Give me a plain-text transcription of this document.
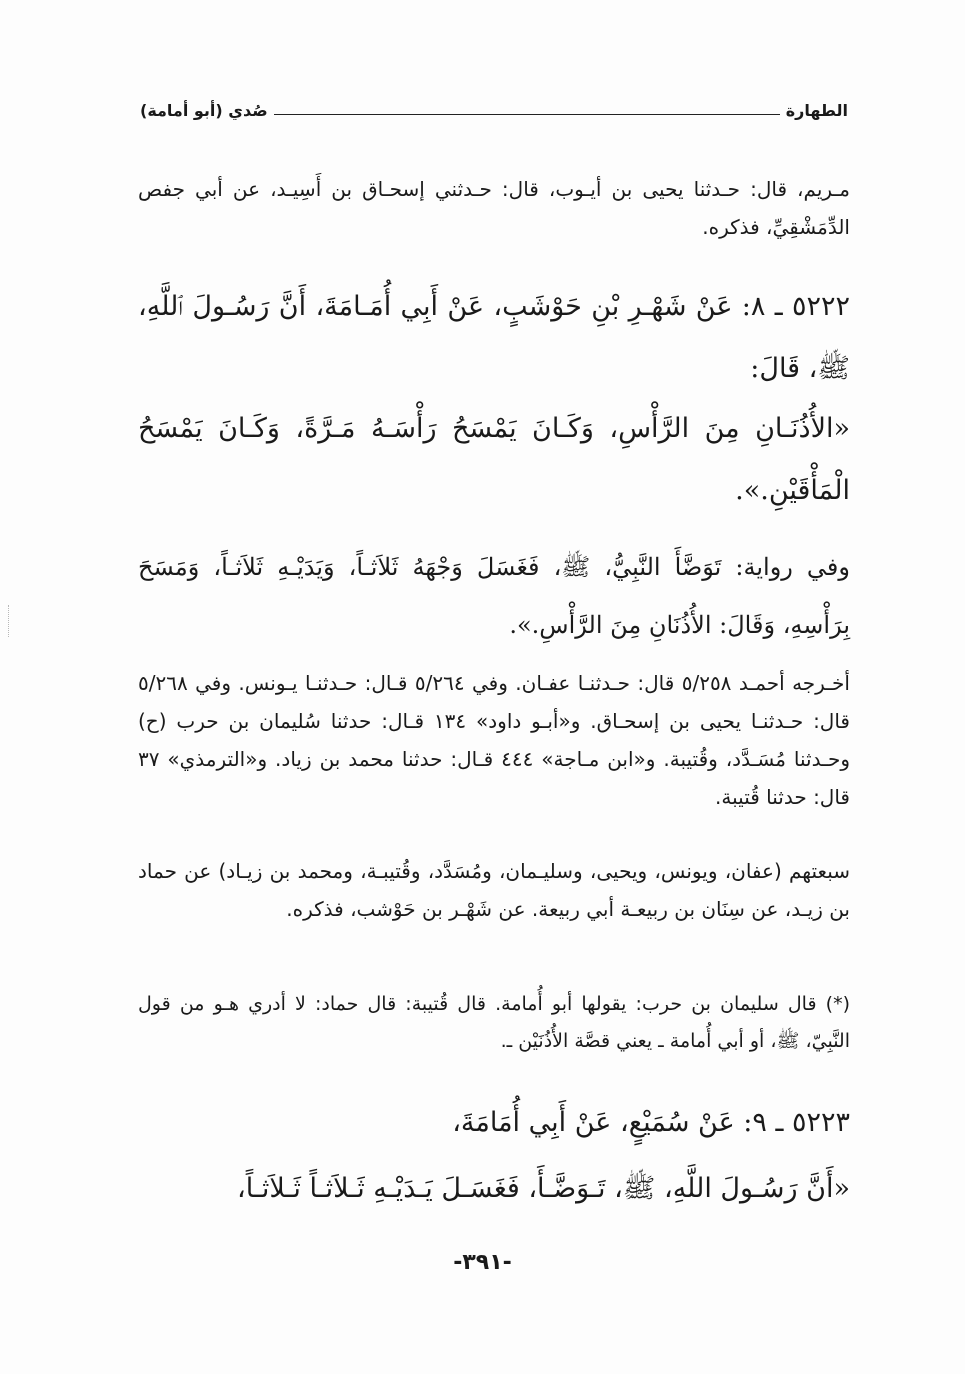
الطهارة
صُدي (أبو أمامة)
مـريم، قال: حـدثنا يحيى بن أيـوب، قال: حـدثني إسحـاق بن أَسِيـد، عن أبي جفص الدِّمَشْقِيِّ، فذكره.
٥٢٢٢ ـ ٨: عَنْ شَهْـرِ بْنِ حَوْشَبٍ، عَنْ أَبِي أُمَـامَةَ، أَنَّ رَسُـولَ ٱللَّهِ، ﷺ، قَالَ:
«الأُذُنَـانِ مِنَ الرَّأْسِ، وَكَـانَ يَمْسَحُ رَأْسَـهُ مَـرَّةً، وَكَـانَ يَمْسَحُ الْمَأْقَيْنِ.».
وفي رواية: تَوَضَّأَ النَّبِيُّ، ﷺ، فَغَسَلَ وَجْهَهُ ثَلاَثـاً، وَيَدَيْـهِ ثَلاَثـاً، وَمَسَحَ بِرَأْسِهِ، وَقَالَ: الأُذُنَانِ مِنَ الرَّأْسِ.».
أخـرجه أحمـد ٥/٢٥٨ قال: حـدثنـا عفـان. وفي ٥/٢٦٤ قـال: حـدثنـا يـونس. وفي ٥/٢٦٨ قال: حـدثنـا يحيى بن إسحـاق. و«أبـو داود» ١٣٤ قـال: حدثنا سُليمان بن حرب (ح) وحـدثنا مُسَـدَّد، وقُتيبة. و«ابن مـاجة» ٤٤٤ قـال: حدثنا محمد بن زياد. و«الترمذي» ٣٧ قال: حدثنا قُتيبة.
سبعتهم (عفان، ويونس، ويحيى، وسليـمان، ومُسَدَّد، وقُتيبـة، ومحمد بن زيـاد) عن حماد بن زيـد، عن سِنَان بن ربيعـة أبي ربيعة. عن شَهْـر بن حَوْشب، فذكره.
(*) قال سليمان بن حرب: يقولها أبو أُمامة. قال قُتيبة: قال حماد: لا أدري هـو من قول النَّبِيّ، ﷺ، أو أبي أُمامة ـ يعني قصَّة الأُذُنَيْن ـ.
٥٢٢٣ ـ ٩: عَنْ سُمَيْعٍ، عَنْ أَبِي أُمَامَةَ،
«أَنَّ رَسُـولَ اللَّهِ، ﷺ، تَـوَضَّـأَ، فَغَسَـلَ يَـدَيْـهِ ثَـلاَثـاً ثَـلاَثـاً،
-٣٩١-
